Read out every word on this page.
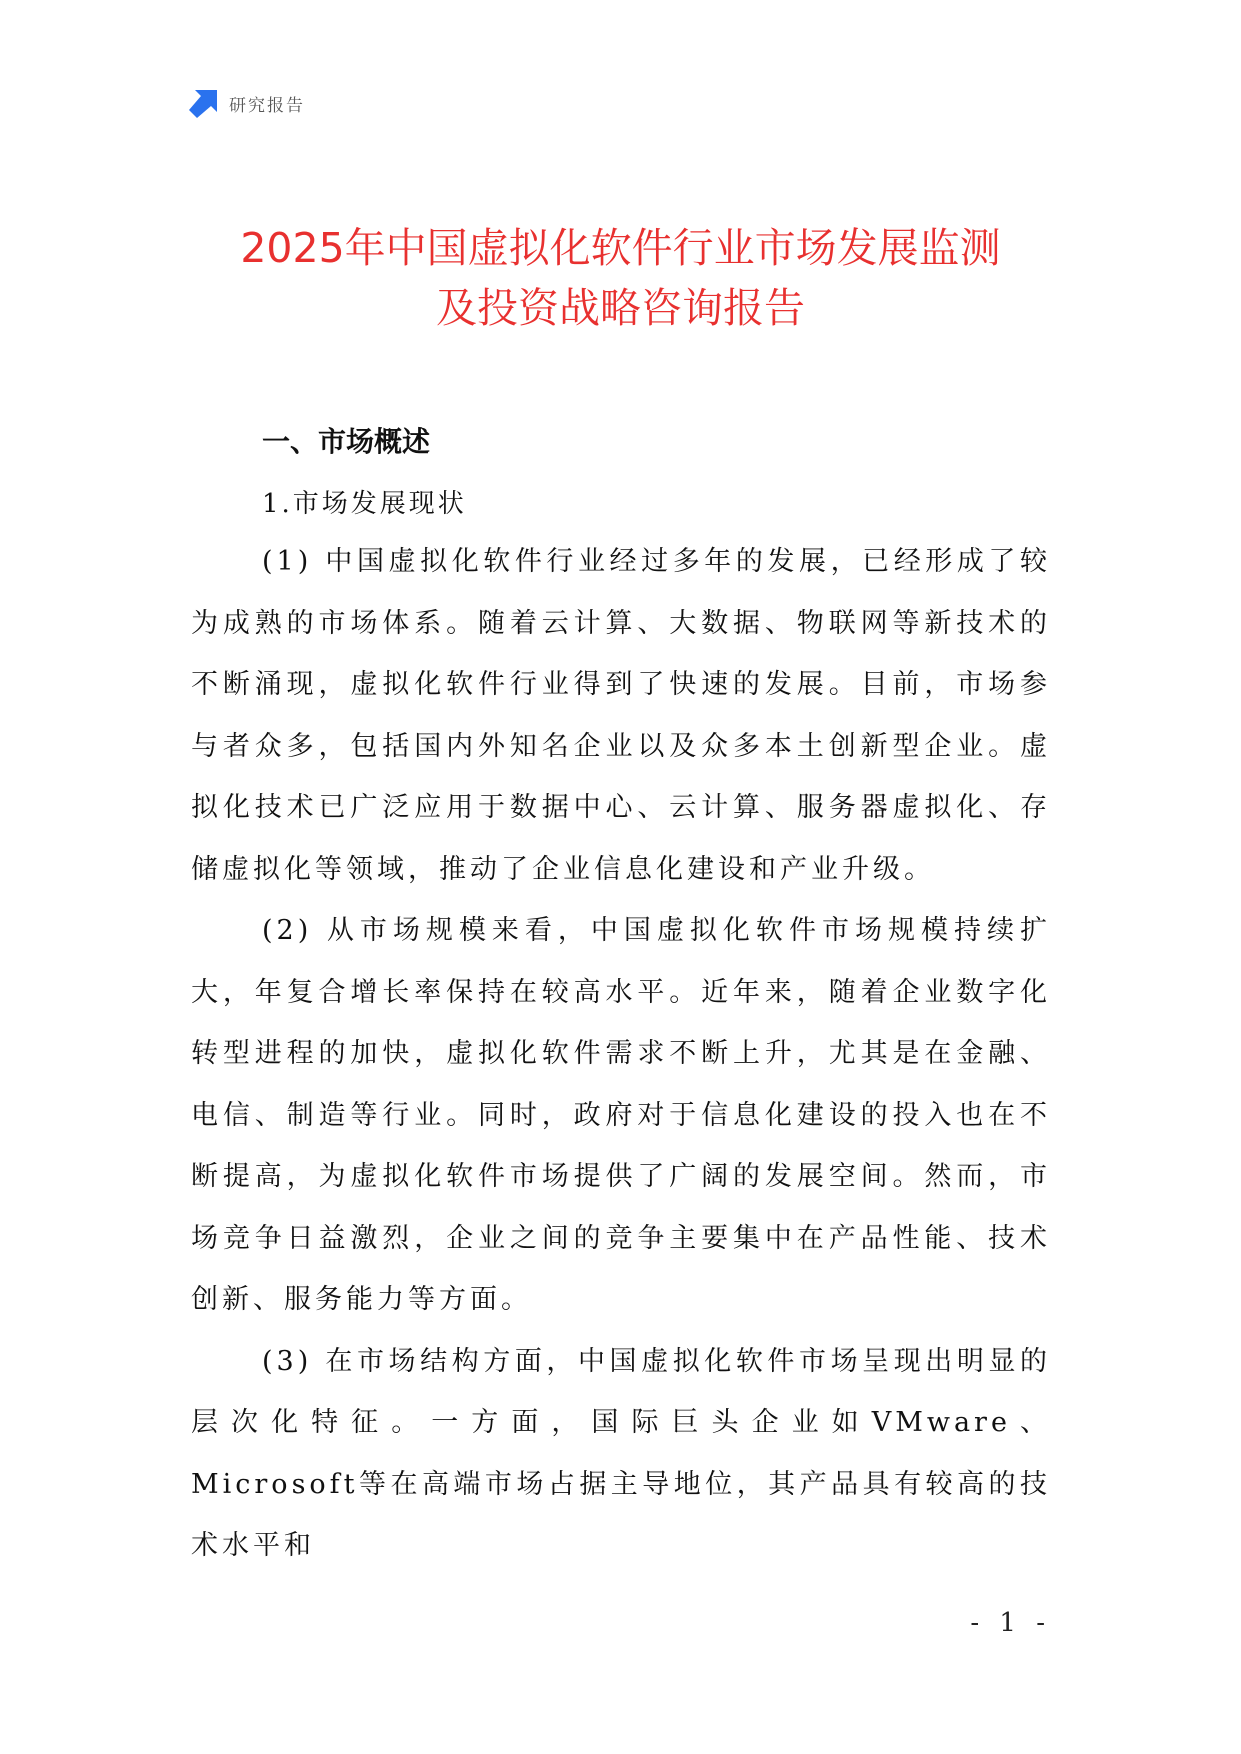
研究报告
2025年中国虚拟化软件行业市场发展监测
及投资战略咨询报告
一、市场概述
1.市场发展现状

(1) 中国虚拟化软件行业经过多年的发展，已经形成了较为成熟的市场体系。随着云计算、大数据、物联网等新技术的不断涌现，虚拟化软件行业得到了快速的发展。目前，市场参与者众多，包括国内外知名企业以及众多本土创新型企业。虚拟化技术已广泛应用于数据中心、云计算、服务器虚拟化、存储虚拟化等领域，推动了企业信息化建设和产业升级。

(2) 从市场规模来看，中国虚拟化软件市场规模持续扩大，年复合增长率保持在较高水平。近年来，随着企业数字化转型进程的加快，虚拟化软件需求不断上升，尤其是在金融、电信、制造等行业。同时，政府对于信息化建设的投入也在不断提高，为虚拟化软件市场提供了广阔的发展空间。然而，市场竞争日益激烈，企业之间的竞争主要集中在产品性能、技术创新、服务能力等方面。

(3) 在市场结构方面，中国虚拟化软件市场呈现出明显的层次化特征。一方面，国际巨头企业如VMware、Microsoft等在高端市场占据主导地位，其产品具有较高的技术水平和

- 1 -
